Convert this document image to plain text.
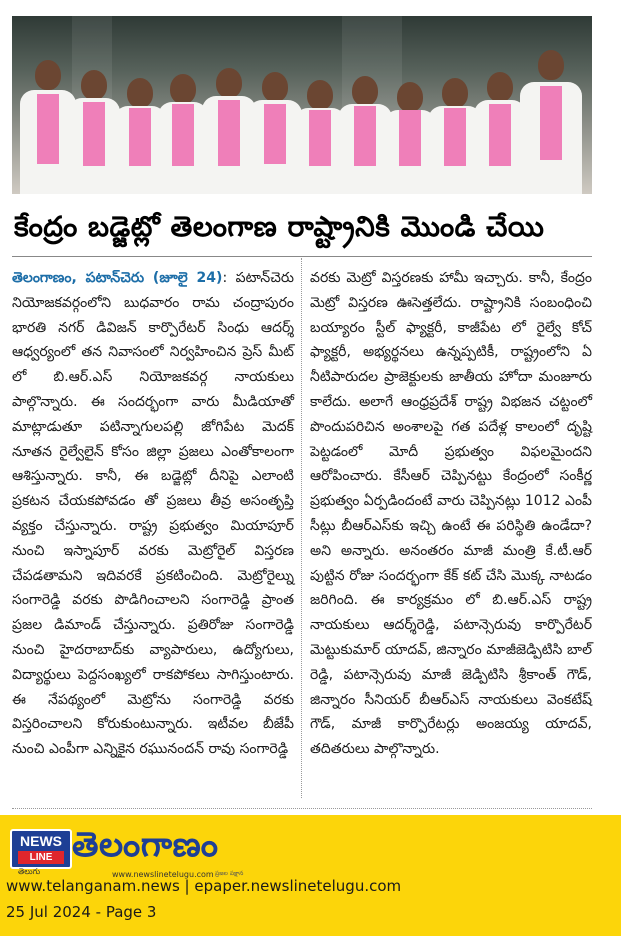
కేంద్రం బడ్జెట్లో తెలంగాణ రాష్ట్రానికి మొండి చేయి

తెలంగాణం, పటాన్‌చెరు (జూలై 24): పటాన్‌చెరు నియోజకవర్గంలోని బుధవారం రామ చంద్రాపురం భారతి నగర్ డివిజన్ కార్పొరేటర్ సింధు ఆదర్శ్ ఆధ్వర్యంలో తన నివాసంలో నిర్వహించిన ప్రెస్ మీట్ లో బి.ఆర్.ఎస్ నియోజకవర్గ నాయకులు పాల్గొన్నారు. ఈ సందర్భంగా వారు మీడియాతో మాట్లాడుతూ పటిన్నాగులపల్లి జోగిపేట మెదక్ నూతన రైల్వేలైన్ కోసం జిల్లా ప్రజలు ఎంతోకాలంగా ఆశిస్తున్నారు. కానీ, ఈ బడ్జెట్లో దీనిపై ఎలాంటి ప్రకటన చేయకపోవడం తో ప్రజలు తీవ్ర అసంతృప్తి వ్యక్తం చేస్తున్నారు. రాష్ట్ర ప్రభుత్వం మియాపూర్ నుంచి ఇస్నాపూర్ వరకు మెట్రోరైల్ విస్తరణ చేపడతామని ఇదివరకే ప్రకటించింది. మెట్రోరైల్ను సంగారెడ్డి వరకు పొడిగించాలని సంగారెడ్డి ప్రాంత ప్రజల డిమాండ్ చేస్తున్నారు. ప్రతిరోజు సంగారెడ్డి నుంచి హైదరాబాద్‌కు వ్యాపారులు, ఉద్యోగులు, విద్యార్థులు పెద్దసంఖ్యలో రాకపోకలు సాగిస్తుంటారు. ఈ నేపథ్యంలో మెట్రోను సంగారెడ్డి వరకు విస్తరించాలని కోరుకుంటున్నారు. ఇటీవల బీజేపీ నుంచి ఎంపీగా ఎన్నికైన రఘునందన్ రావు సంగారెడ్డి

వరకు మెట్రో విస్తరణకు హామీ ఇచ్చారు. కానీ, కేంద్రం మెట్రో విస్తరణ ఊసెత్తలేదు. రాష్ట్రానికి సంబంధించి బయ్యారం స్టీల్ ఫ్యాక్టరీ, కాజీపేట లో రైల్వే కోచ్ ఫ్యాక్టరీ, అభ్యర్థనలు ఉన్నప్పటికీ, రాష్ట్రంలోని ఏ నీటిపారుదల ప్రాజెక్టులకు జాతీయ హోదా మంజూరు కాలేదు. అలాగే ఆంధ్రప్రదేశ్ రాష్ట్ర విభజన చట్టంలో పొందుపరిచిన అంశాలపై గత పదేళ్ల కాలంలో దృష్టి పెట్టడంలో మోదీ ప్రభుత్వం విఫలమైందని ఆరోపించారు. కేసీఆర్ చెప్పినట్టు కేంద్రంలో సంకీర్ణ ప్రభుత్వం ఏర్పడిందంటే వారు చెప్పినట్లు 1012 ఎంపీ సీట్లు బీఆర్ఎస్‌కు ఇచ్చి ఉంటే ఈ పరిస్థితి ఉండేదా? అని అన్నారు. అనంతరం మాజీ మంత్రి కే.టీ.ఆర్ పుట్టిన రోజు సందర్భంగా కేక్ కట్ చేసి మొక్క నాటడం జరిగింది. ఈ కార్యక్రమం లో బి.ఆర్.ఎస్ రాష్ట్ర నాయకులు ఆదర్శ్‌రెడ్డి, పటాన్సెరువు కార్పొరేటర్ మెట్టుకుమార్ యాదవ్, జిన్నారం మాజీజెడ్పిటిసి బాల్ రెడ్డి, పటాన్సెరువు మాజీ జెడ్పిటిసి శ్రీకాంత్ గౌడ్, జిన్నారం సీనియర్ బీఆర్ఎస్ నాయకులు వెంకటేష్ గౌడ్, మాజీ కార్పొరేటర్లు అంజయ్య యాదవ్, తదితరులు పాల్గొన్నారు.

NEWS
LINE
తెలుగు
తెలంగాణం
www.newslinetelugu.com ప్రజల పక్షాన
www.telanganam.news | epaper.newslinetelugu.com
25 Jul 2024 - Page 3
